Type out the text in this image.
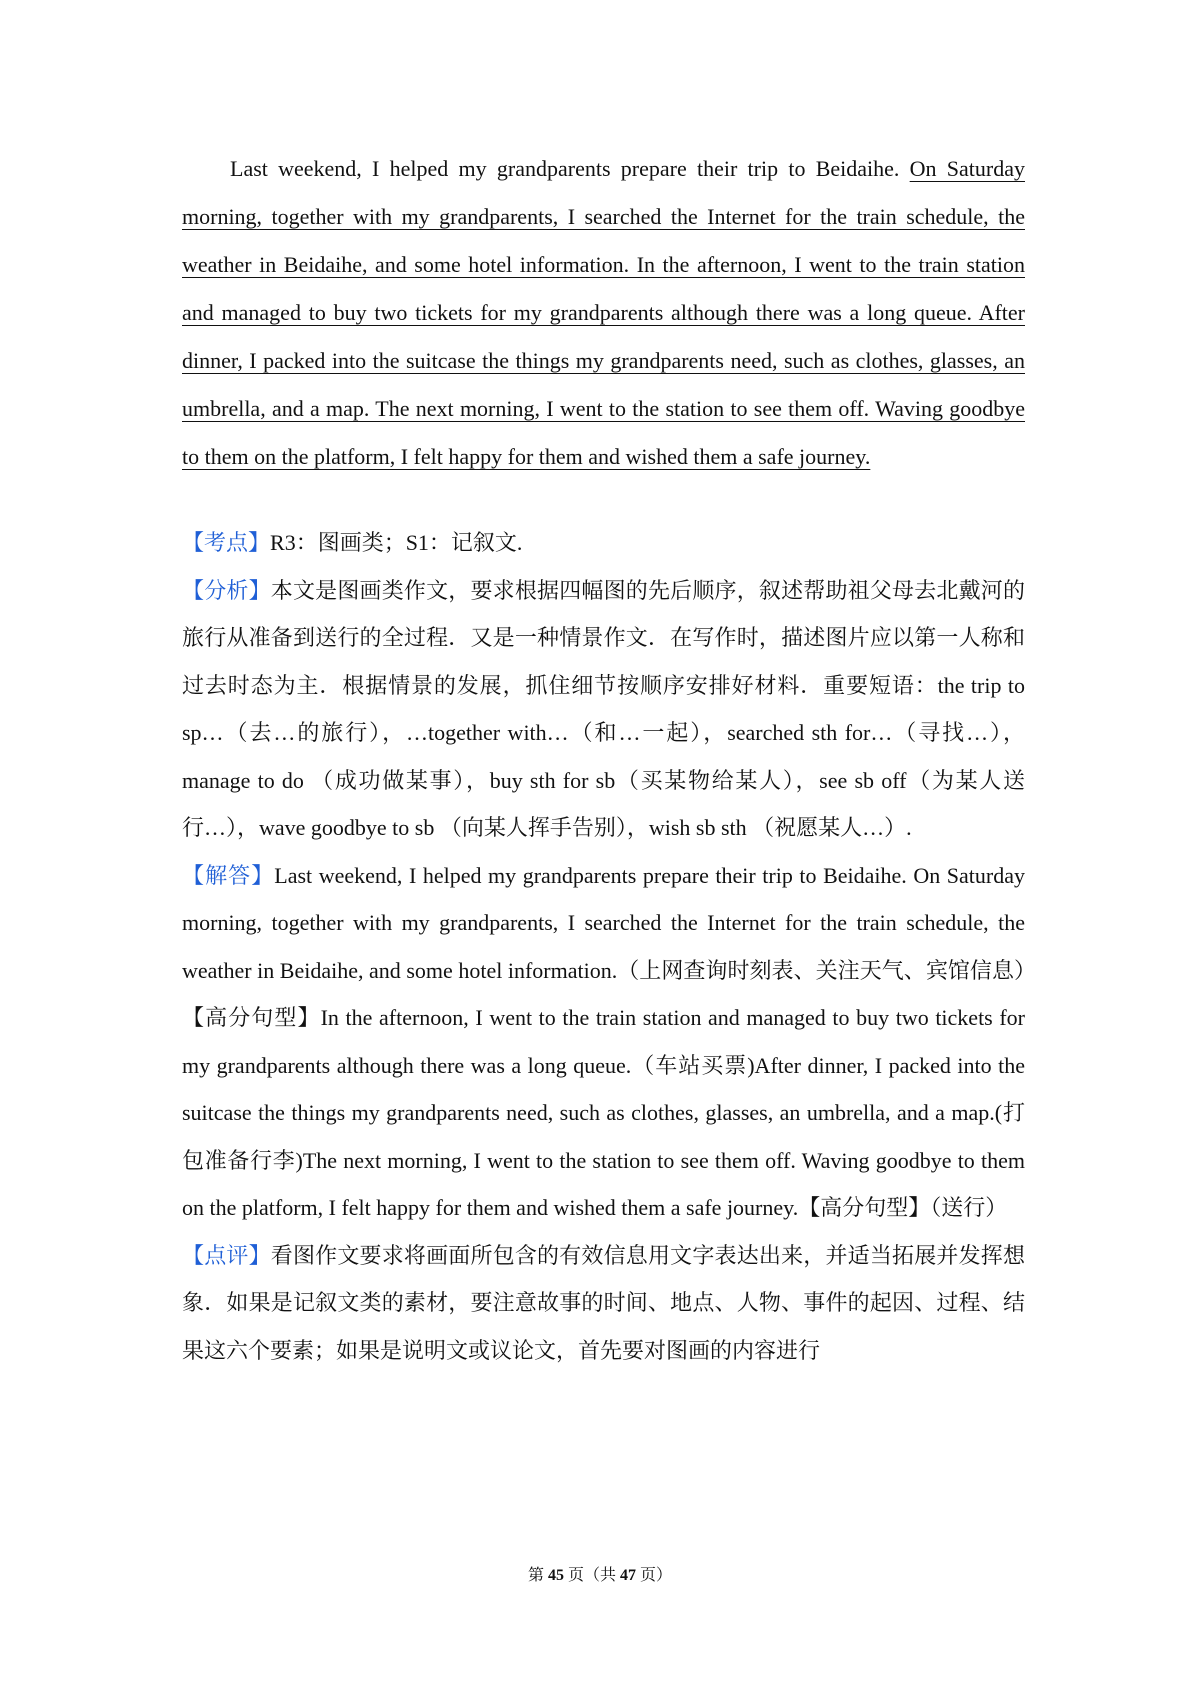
Last weekend, I helped my grandparents prepare their trip to Beidaihe. On Saturday morning, together with my grandparents, I searched the Internet for the train schedule, the weather in Beidaihe, and some hotel information. In the afternoon, I went to the train station and managed to buy two tickets for my grandparents although there was a long queue. After dinner, I packed into the suitcase the things my grandparents need, such as clothes, glasses, an umbrella, and a map. The next morning, I went to the station to see them off. Waving goodbye to them on the platform, I felt happy for them and wished them a safe journey.

【考点】R3：图画类；S1：记叙文.

【分析】本文是图画类作文，要求根据四幅图的先后顺序，叙述帮助祖父母去北戴河的旅行从准备到送行的全过程．又是一种情景作文．在写作时，描述图片应以第一人称和过去时态为主．根据情景的发展，抓住细节按顺序安排好材料．重要短语：the trip to sp…（去…的旅行），…together with…（和…一起），searched sth for…（寻找…），manage to do （成功做某事），buy sth for sb（买某物给某人），see sb off（为某人送行…），wave goodbye to sb （向某人挥手告别），wish sb sth （祝愿某人…）.

【解答】Last weekend, I helped my grandparents prepare their trip to Beidaihe. On Saturday morning, together with my grandparents, I searched the Internet for the train schedule, the weather in Beidaihe, and some hotel information.（上网查询时刻表、关注天气、宾馆信息）【高分句型】In the afternoon, I went to the train station and managed to buy two tickets for my grandparents although there was a long queue.（车站买票)After dinner, I packed into the suitcase the things my grandparents need, such as clothes, glasses, an umbrella, and a map.(打包准备行李)The next morning, I went to the station to see them off. Waving goodbye to them on the platform, I felt happy for them and wished them a safe journey.【高分句型】（送行）

【点评】看图作文要求将画面所包含的有效信息用文字表达出来，并适当拓展并发挥想象．如果是记叙文类的素材，要注意故事的时间、地点、人物、事件的起因、过程、结果这六个要素；如果是说明文或议论文，首先要对图画的内容进行

第 45 页（共 47 页）
